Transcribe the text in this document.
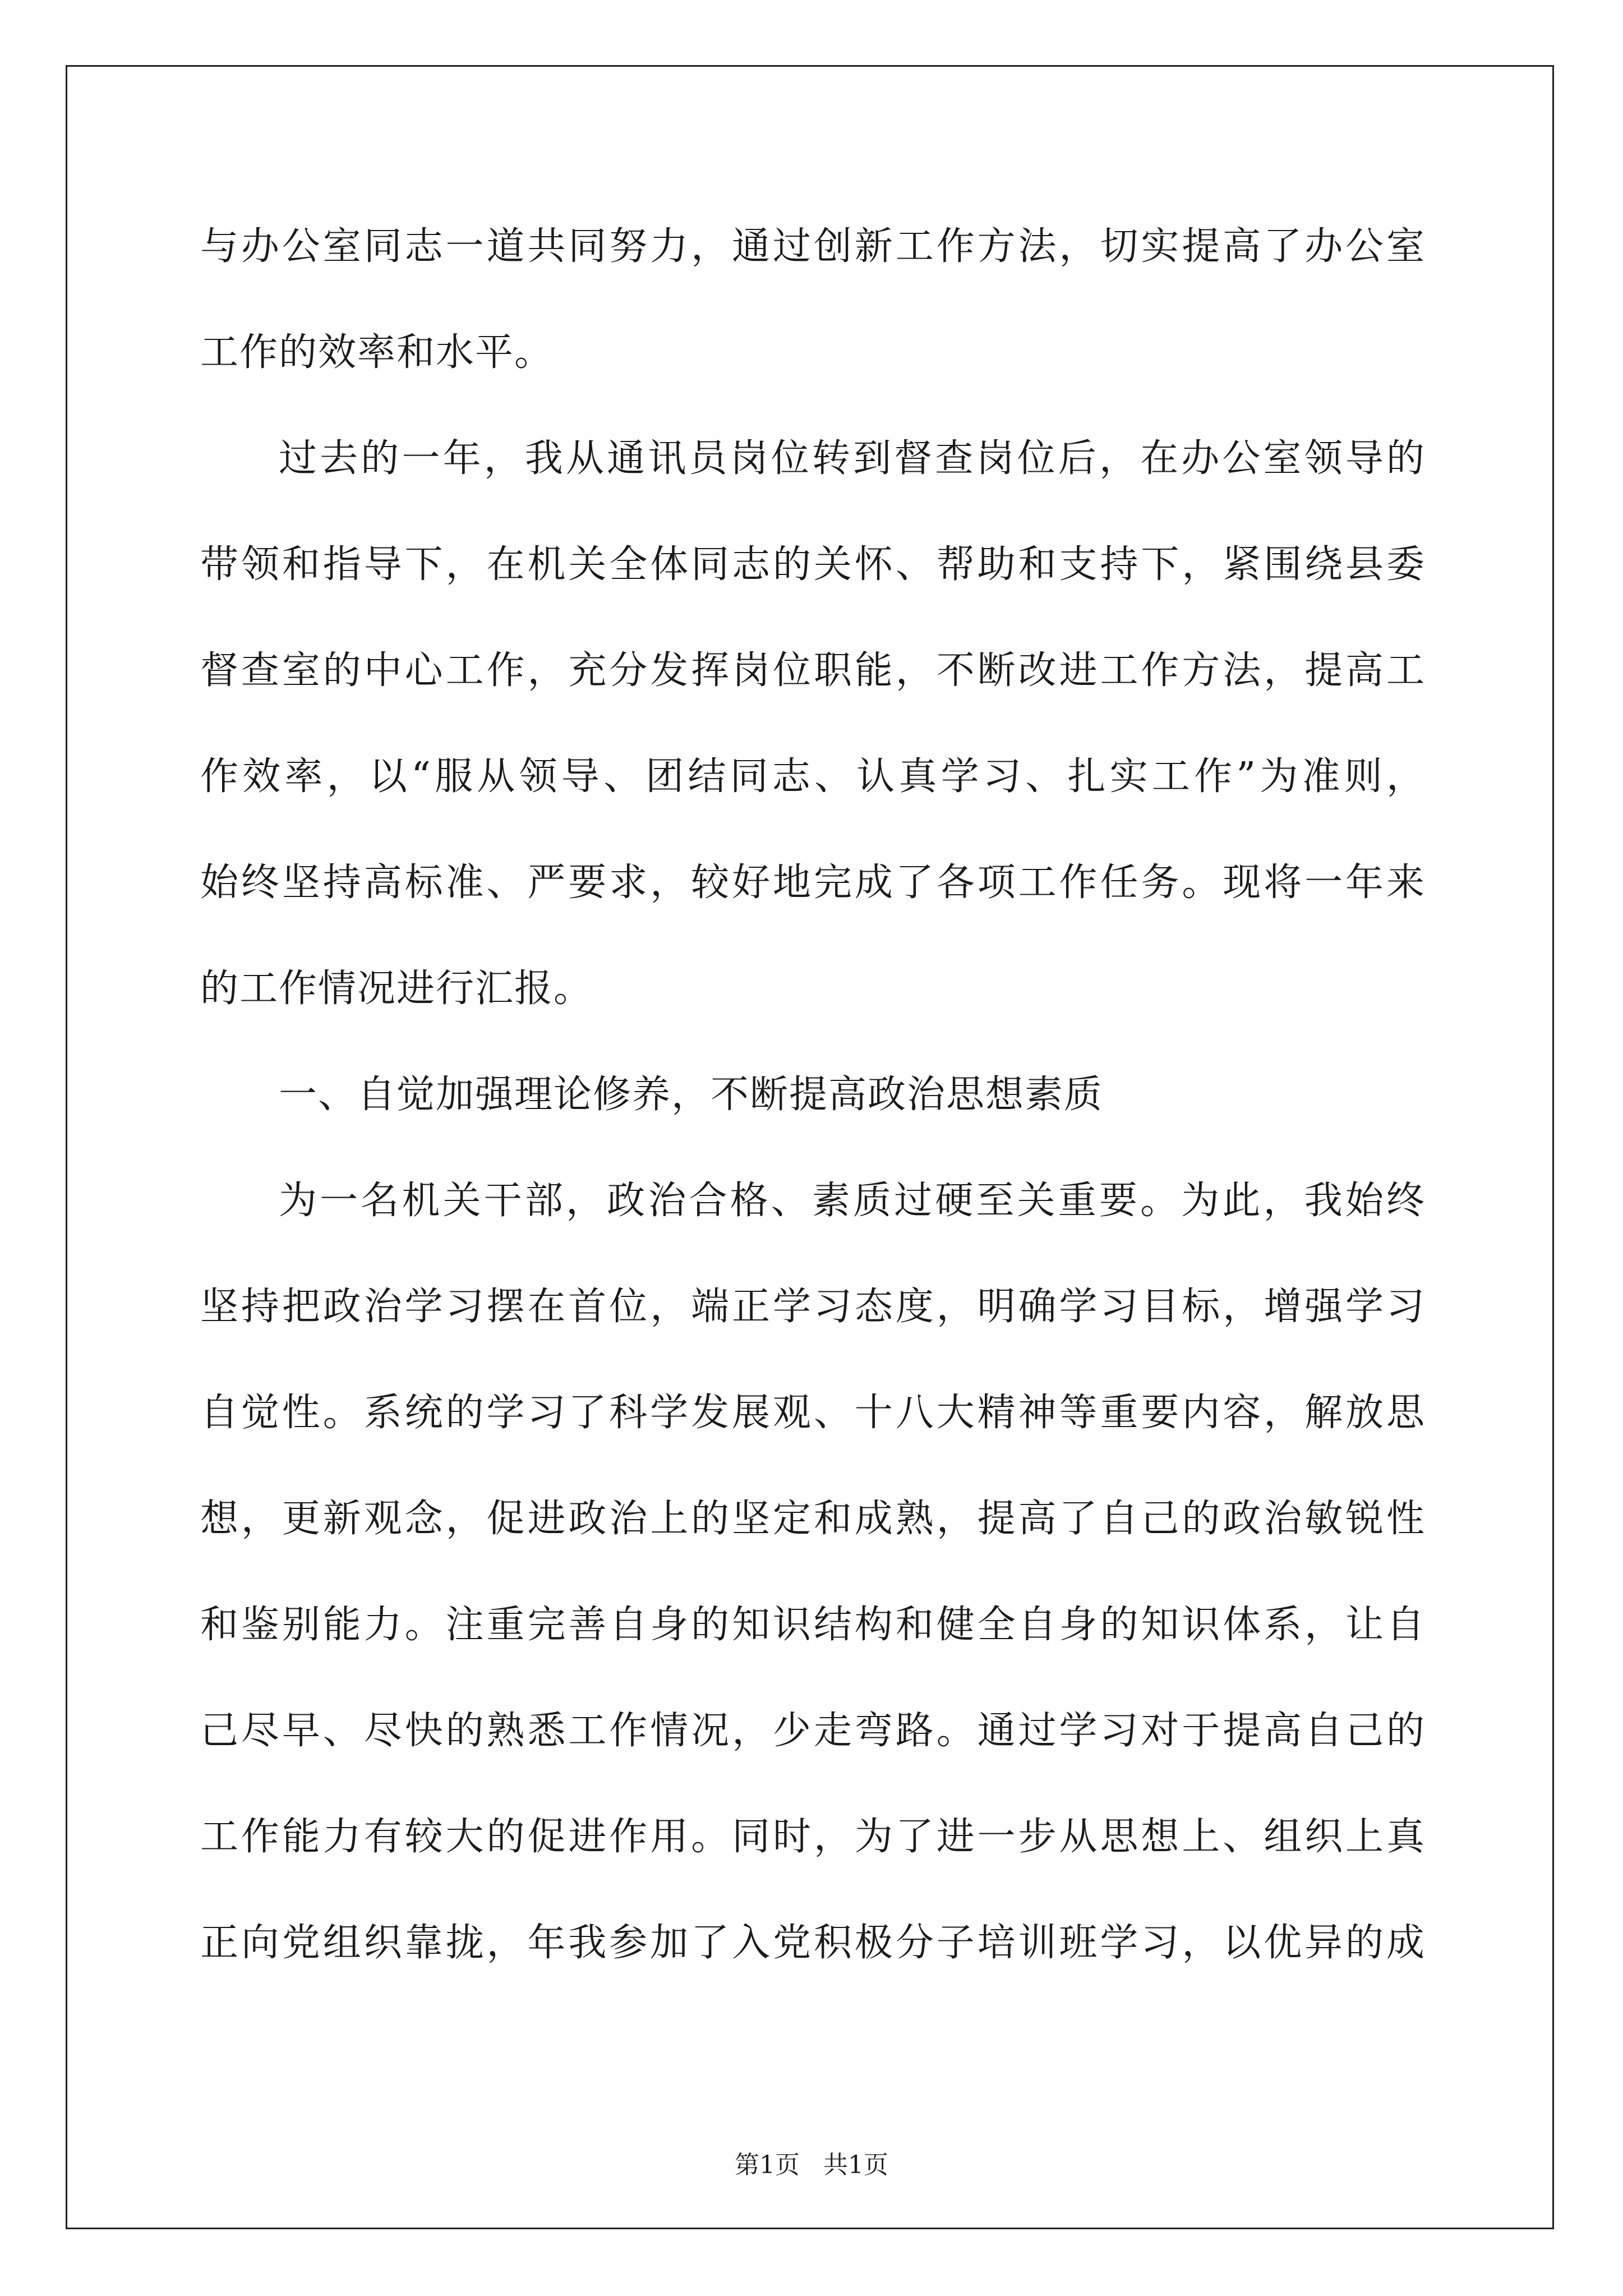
与办公室同志一道共同努力，通过创新工作方法，切实提高了办公室
工作的效率和水平。
过去的一年，我从通讯员岗位转到督查岗位后，在办公室领导的
带领和指导下，在机关全体同志的关怀、帮助和支持下，紧围绕县委
督查室的中心工作，充分发挥岗位职能，不断改进工作方法，提高工
作效率，以“服从领导、团结同志、认真学习、扎实工作”为准则，
始终坚持高标准、严要求，较好地完成了各项工作任务。现将一年来
的工作情况进行汇报。
一、自觉加强理论修养，不断提高政治思想素质
为一名机关干部，政治合格、素质过硬至关重要。为此，我始终
坚持把政治学习摆在首位，端正学习态度，明确学习目标，增强学习
自觉性。系统的学习了科学发展观、十八大精神等重要内容，解放思
想，更新观念，促进政治上的坚定和成熟，提高了自己的政治敏锐性
和鉴别能力。注重完善自身的知识结构和健全自身的知识体系，让自
己尽早、尽快的熟悉工作情况，少走弯路。通过学习对于提高自己的
工作能力有较大的促进作用。同时，为了进一步从思想上、组织上真
正向党组织靠拢，年我参加了入党积极分子培训班学习，以优异的成
第1页   共1页
